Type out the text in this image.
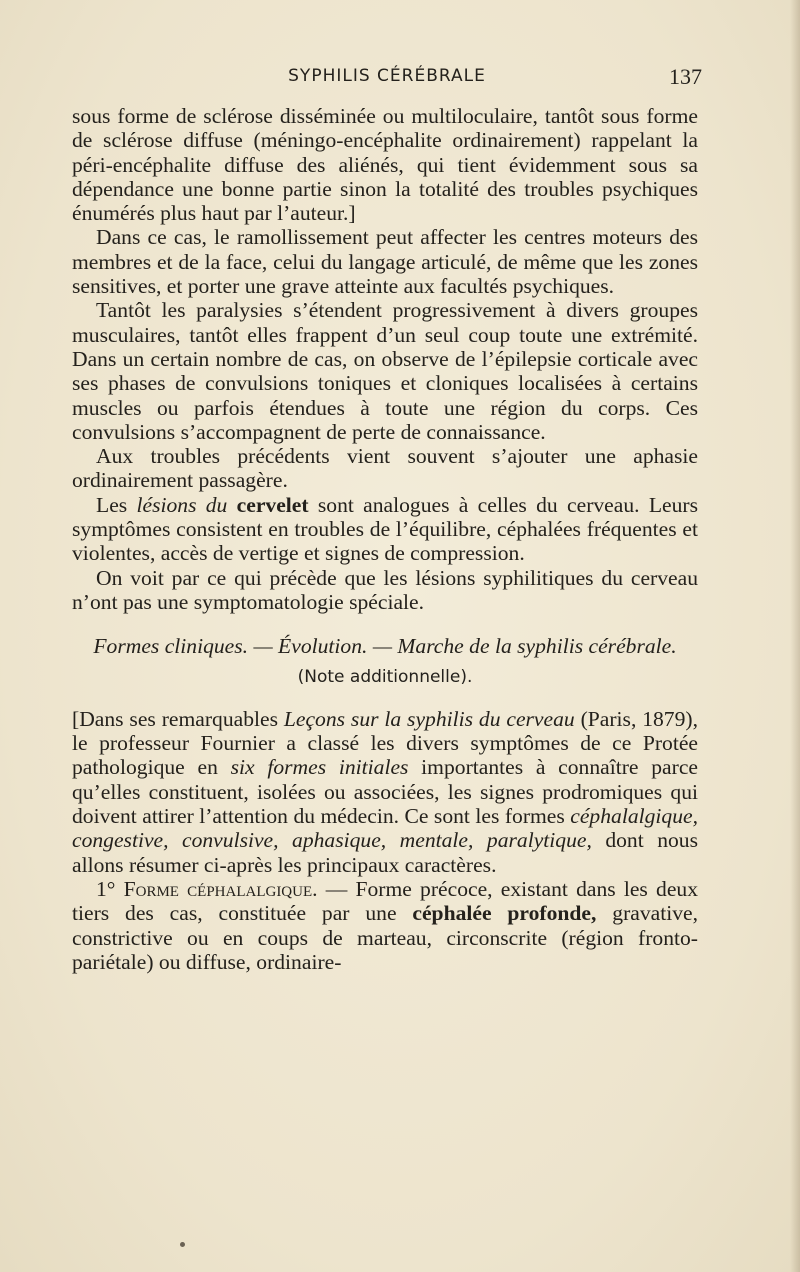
SYPHILIS CÉRÉBRALE	137

sous forme de sclérose disséminée ou multiloculaire, tantôt sous forme de sclérose diffuse (méningo-encéphalite ordinairement) rappelant la péri-encéphalite diffuse des aliénés, qui tient évidemment sous sa dépendance une bonne partie sinon la totalité des troubles psychiques énumérés plus haut par l’auteur.]

Dans ce cas, le ramollissement peut affecter les centres moteurs des membres et de la face, celui du langage articulé, de même que les zones sensitives, et porter une grave atteinte aux facultés psychiques.

Tantôt les paralysies s’étendent progressivement à divers groupes musculaires, tantôt elles frappent d’un seul coup toute une extrémité. Dans un certain nombre de cas, on observe de l’épilepsie corticale avec ses phases de convulsions toniques et cloniques localisées à certains muscles ou parfois étendues à toute une région du corps. Ces convulsions s’accompagnent de perte de connaissance.

Aux troubles précédents vient souvent s’ajouter une aphasie ordinairement passagère.

Les lésions du cervelet sont analogues à celles du cerveau. Leurs symptômes consistent en troubles de l’équilibre, céphalées fréquentes et violentes, accès de vertige et signes de compression.

On voit par ce qui précède que les lésions syphilitiques du cerveau n’ont pas une symptomatologie spéciale.

Formes cliniques. — Évolution. — Marche de la syphilis cérébrale.

(Note additionnelle).

[Dans ses remarquables Leçons sur la syphilis du cerveau (Paris, 1879), le professeur Fournier a classé les divers symptômes de ce Protée pathologique en six formes initiales importantes à connaître parce qu’elles constituent, isolées ou associées, les signes prodromiques qui doivent attirer l’attention du médecin. Ce sont les formes céphalalgique, congestive, convulsive, aphasique, mentale, paralytique, dont nous allons résumer ci-après les principaux caractères.

1° Forme céphalalgique. — Forme précoce, existant dans les deux tiers des cas, constituée par une céphalée profonde, gravative, constrictive ou en coups de marteau, circonscrite (région fronto-pariétale) ou diffuse, ordinaire-
